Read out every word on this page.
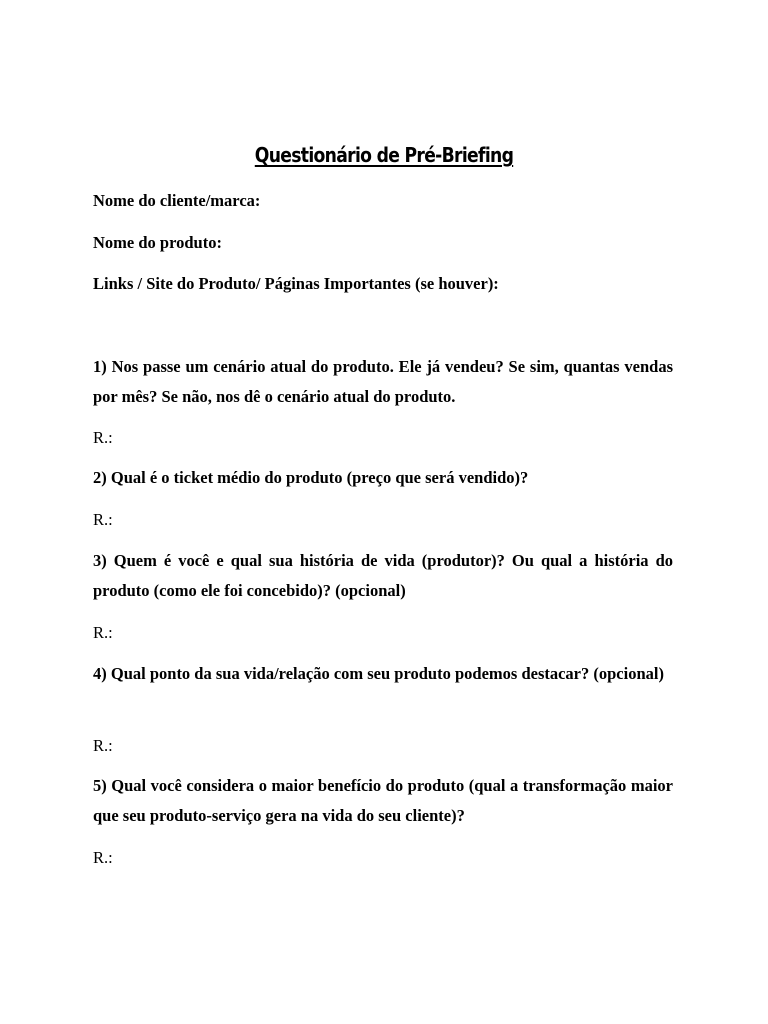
Questionário de Pré-Briefing
Nome do cliente/marca:
Nome do produto:
Links / Site do Produto/ Páginas Importantes (se houver):
1) Nos passe um cenário atual do produto. Ele já vendeu? Se sim, quantas vendas por mês? Se não, nos dê o cenário atual do produto.
R.:
2) Qual é o ticket médio do produto (preço que será vendido)?
R.:
3) Quem é você e qual sua história de vida (produtor)? Ou qual a história do produto (como ele foi concebido)? (opcional)
R.:
4) Qual ponto da sua vida/relação com seu produto podemos destacar? (opcional)
R.:
5) Qual você considera o maior benefício do produto (qual a transformação maior que seu produto-serviço gera na vida do seu cliente)?
R.:
